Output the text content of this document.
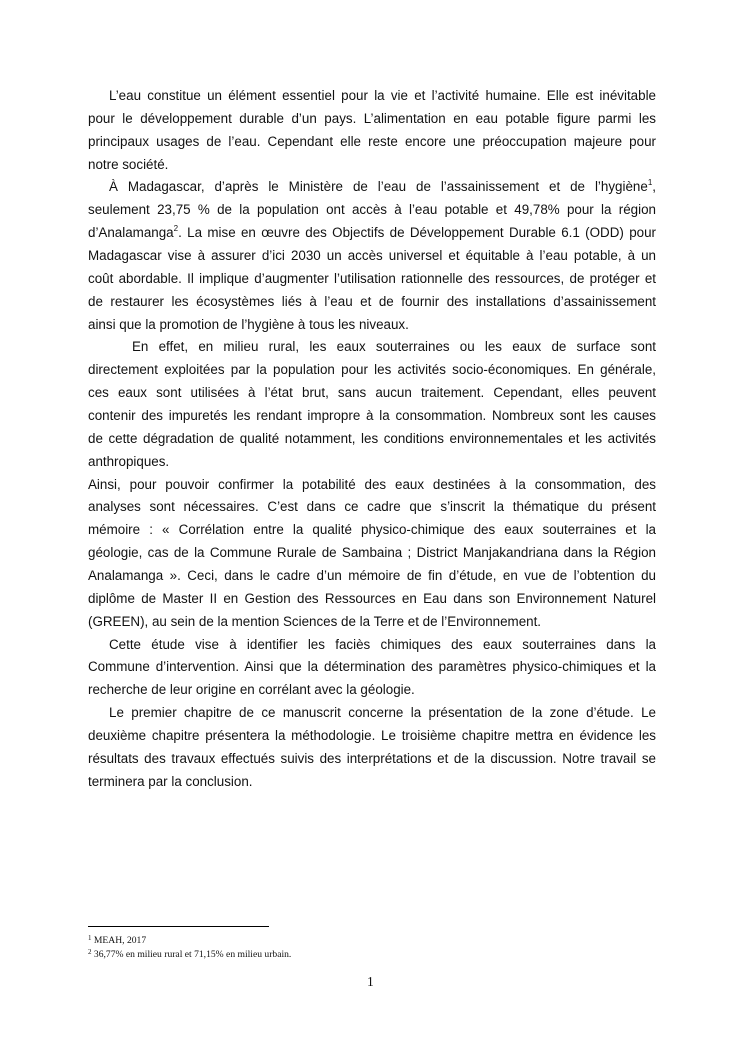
L’eau constitue un élément essentiel pour la vie et l’activité humaine. Elle est inévitable
pour le développement durable d’un pays. L’alimentation en eau potable figure parmi les
principaux usages de l’eau. Cependant elle reste encore une préoccupation majeure pour
notre société.
À Madagascar, d’après le Ministère de l’eau de l’assainissement et de l’hygiène$^1$,
seulement 23,75 % de la population ont accès à l’eau potable et 49,78% pour la région
d’Analamanga$^2$. La mise en œuvre des Objectifs de Développement Durable 6.1 (ODD) pour
Madagascar vise à assurer d’ici 2030 un accès universel et équitable à l’eau potable, à un
coût abordable. Il implique d’augmenter l’utilisation rationnelle des ressources, de protéger et
de restaurer les écosystèmes liés à l’eau et de fournir des installations d’assainissement
ainsi que la promotion de l’hygiène à tous les niveaux.
En effet, en milieu rural, les eaux souterraines ou les eaux de surface sont
directement exploitées par la population pour les activités socio-économiques. En générale,
ces eaux sont utilisées à l’état brut, sans aucun traitement. Cependant, elles peuvent
contenir des impuretés les rendant impropre à la consommation. Nombreux sont les causes
de cette dégradation de qualité notamment, les conditions environnementales et les activités
anthropiques.
Ainsi, pour pouvoir confirmer la potabilité des eaux destinées à la consommation, des
analyses sont nécessaires. C’est dans ce cadre que s’inscrit la thématique du présent
mémoire : « Corrélation entre la qualité physico-chimique des eaux souterraines et la
géologie, cas de la Commune Rurale de Sambaina ; District Manjakandriana dans la Région
Analamanga ». Ceci, dans le cadre d’un mémoire de fin d’étude, en vue de l’obtention du
diplôme de Master II en Gestion des Ressources en Eau dans son Environnement Naturel
(GREEN), au sein de la mention Sciences de la Terre et de l’Environnement.
Cette étude vise à identifier les faciès chimiques des eaux souterraines dans la
Commune d’intervention. Ainsi que la détermination des paramètres physico-chimiques et la
recherche de leur origine en corrélant avec la géologie.
Le premier chapitre de ce manuscrit concerne la présentation de la zone d’étude. Le
deuxième chapitre présentera la méthodologie. Le troisième chapitre mettra en évidence les
résultats des travaux effectués suivis des interprétations et de la discussion. Notre travail se
terminera par la conclusion.
$^1$ MEAH, 2017
$^2$ 36,77% en milieu rural et 71,15% en milieu urbain.
1
